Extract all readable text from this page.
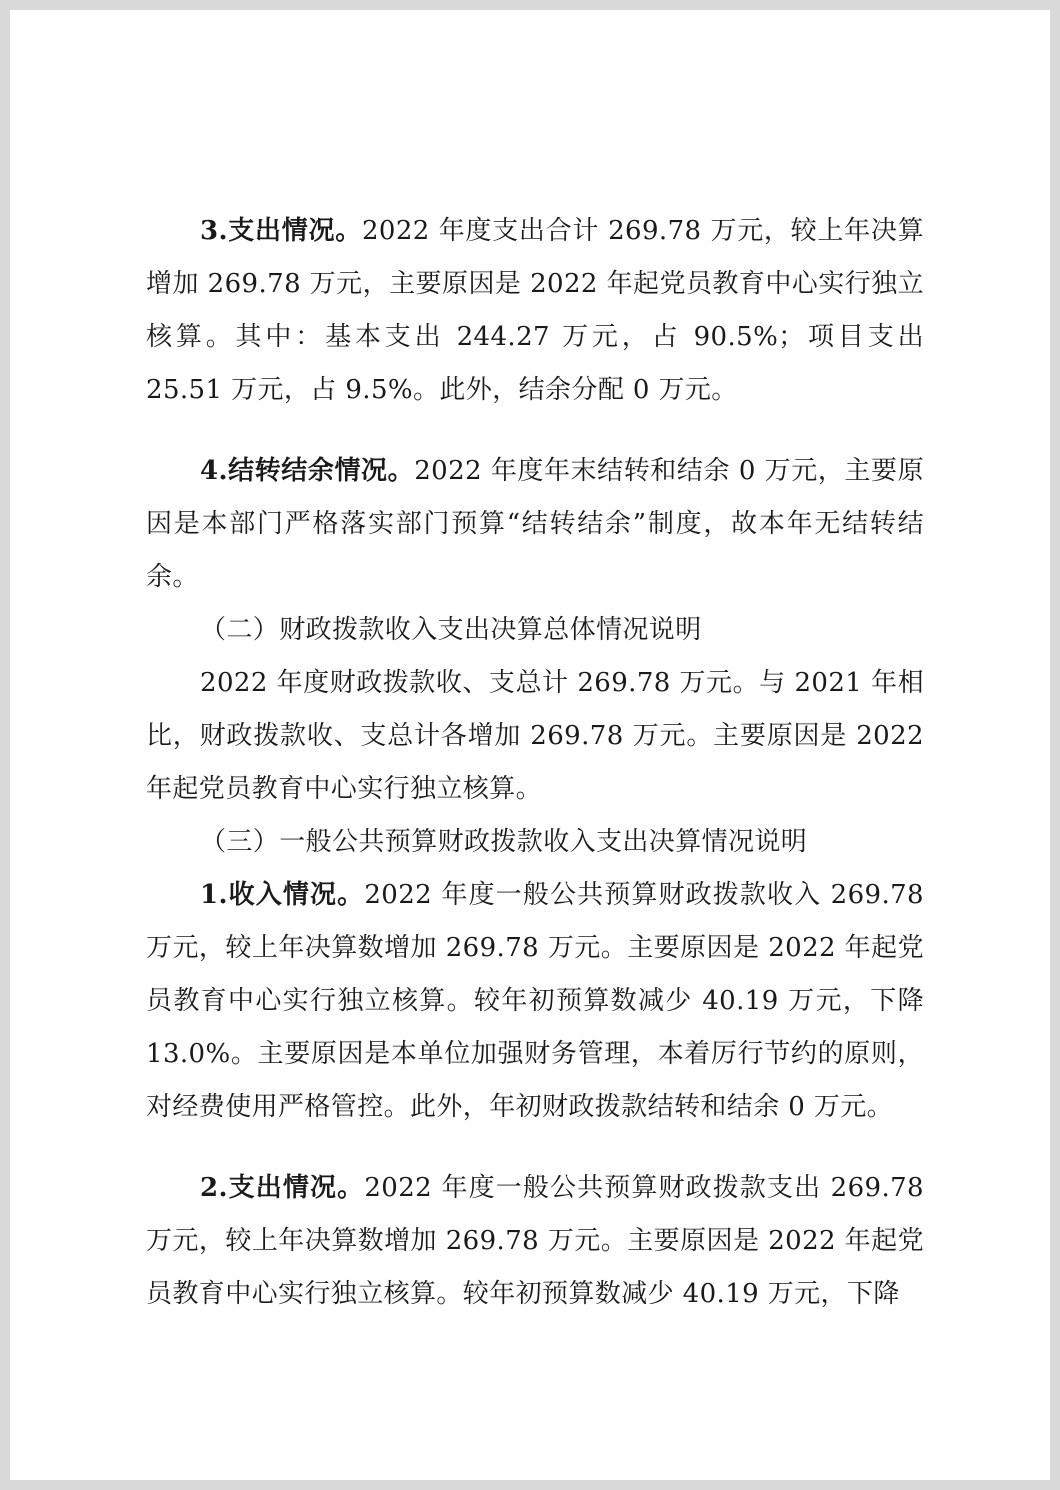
3.支出情况。2022 年度支出合计 269.78 万元，较上年决算增加 269.78 万元，主要原因是 2022 年起党员教育中心实行独立核算。其中：基本支出 244.27 万元，占 90.5%；项目支出 25.51 万元，占 9.5%。此外，结余分配 0 万元。

4.结转结余情况。2022 年度年末结转和结余 0 万元，主要原因是本部门严格落实部门预算“结转结余”制度，故本年无结转结余。

（二）财政拨款收入支出决算总体情况说明

2022 年度财政拨款收、支总计 269.78 万元。与 2021 年相比，财政拨款收、支总计各增加 269.78 万元。主要原因是 2022 年起党员教育中心实行独立核算。

（三）一般公共预算财政拨款收入支出决算情况说明

1.收入情况。2022 年度一般公共预算财政拨款收入 269.78 万元，较上年决算数增加 269.78 万元。主要原因是 2022 年起党员教育中心实行独立核算。较年初预算数减少 40.19 万元，下降 13.0%。主要原因是本单位加强财务管理，本着厉行节约的原则，对经费使用严格管控。此外，年初财政拨款结转和结余 0 万元。

2.支出情况。2022 年度一般公共预算财政拨款支出 269.78 万元，较上年决算数增加 269.78 万元。主要原因是 2022 年起党员教育中心实行独立核算。较年初预算数减少 40.19 万元，下降
